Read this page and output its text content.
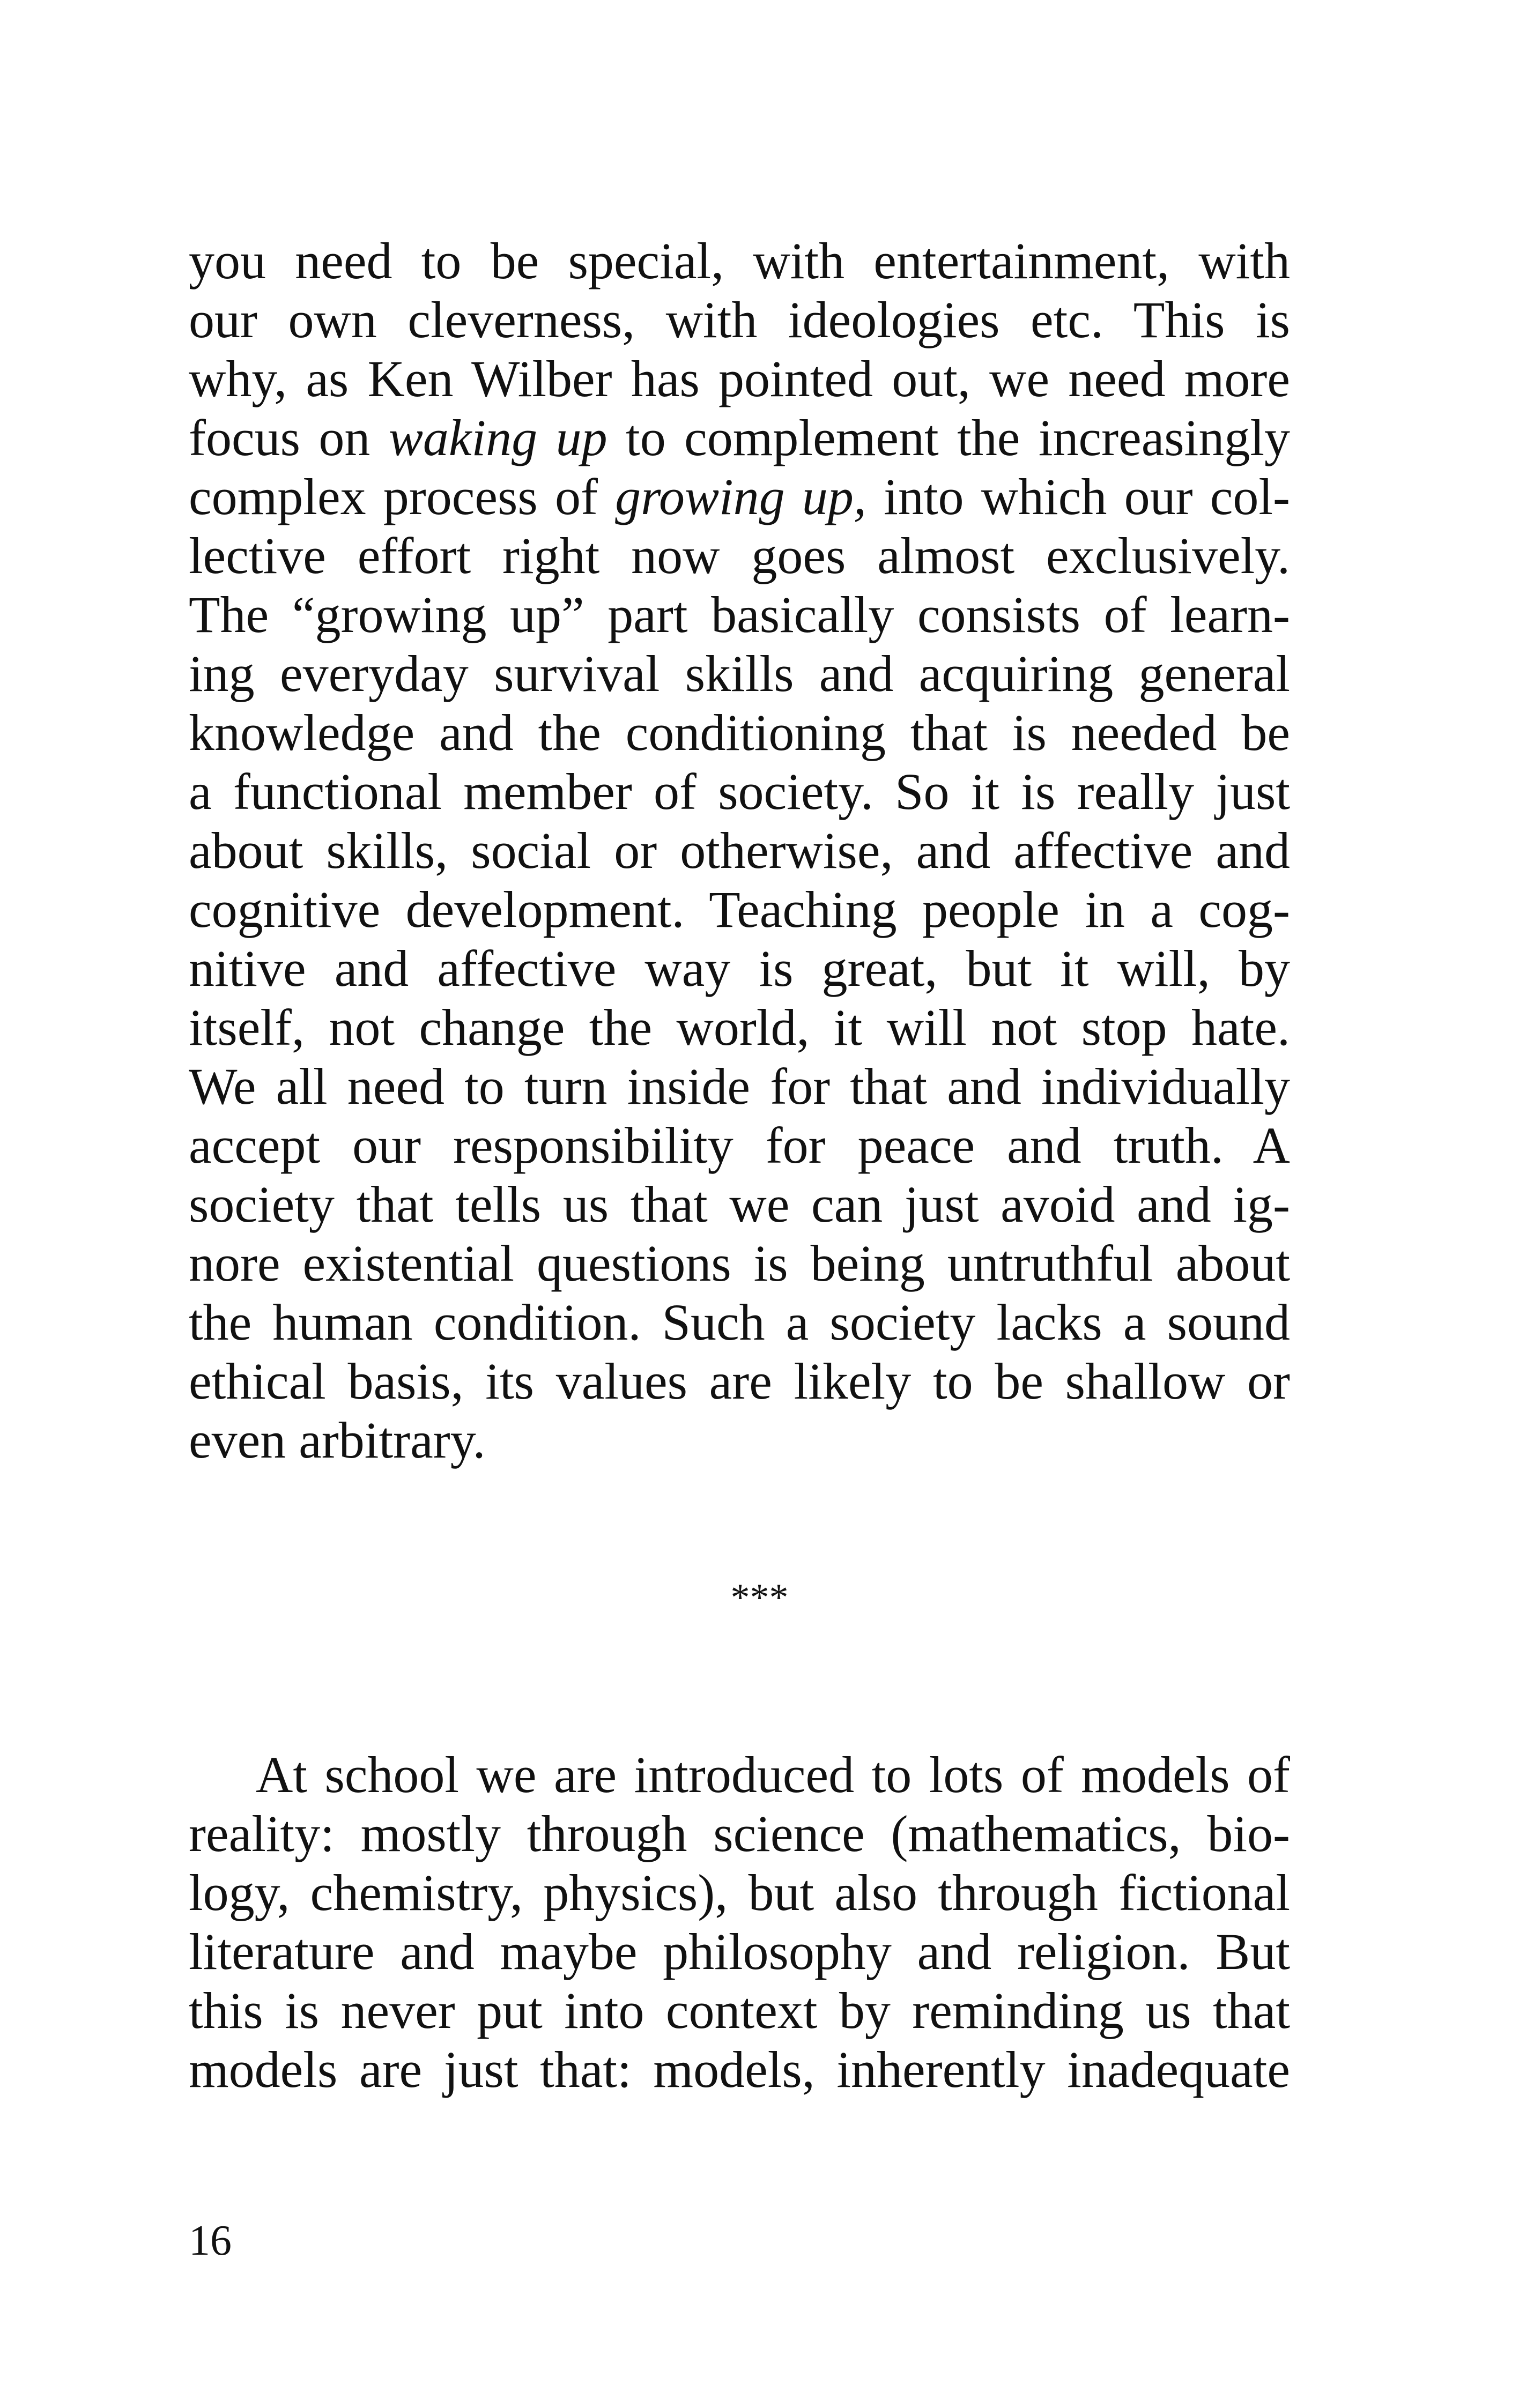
you need to be special, with entertainment, with
our own cleverness, with ideologies etc. This is
why, as Ken Wilber has pointed out, we need more
focus on waking up to complement the increasingly
complex process of growing up, into which our col-
lective effort right now goes almost exclusively.
The “growing up” part basically consists of learn-
ing everyday survival skills and acquiring general
knowledge and the conditioning that is needed be
a functional member of society. So it is really just
about skills, social or otherwise, and affective and
cognitive development. Teaching people in a cog-
nitive and affective way is great, but it will, by
itself, not change the world, it will not stop hate.
We all need to turn inside for that and individually
accept our responsibility for peace and truth. A
society that tells us that we can just avoid and ig-
nore existential questions is being untruthful about
the human condition. Such a society lacks a sound
ethical basis, its values are likely to be shallow or
even arbitrary.
***
At school we are introduced to lots of models of
reality: mostly through science (mathematics, bio-
logy, chemistry, physics), but also through fictional
literature and maybe philosophy and religion. But
this is never put into context by reminding us that
models are just that: models, inherently inadequate
16
